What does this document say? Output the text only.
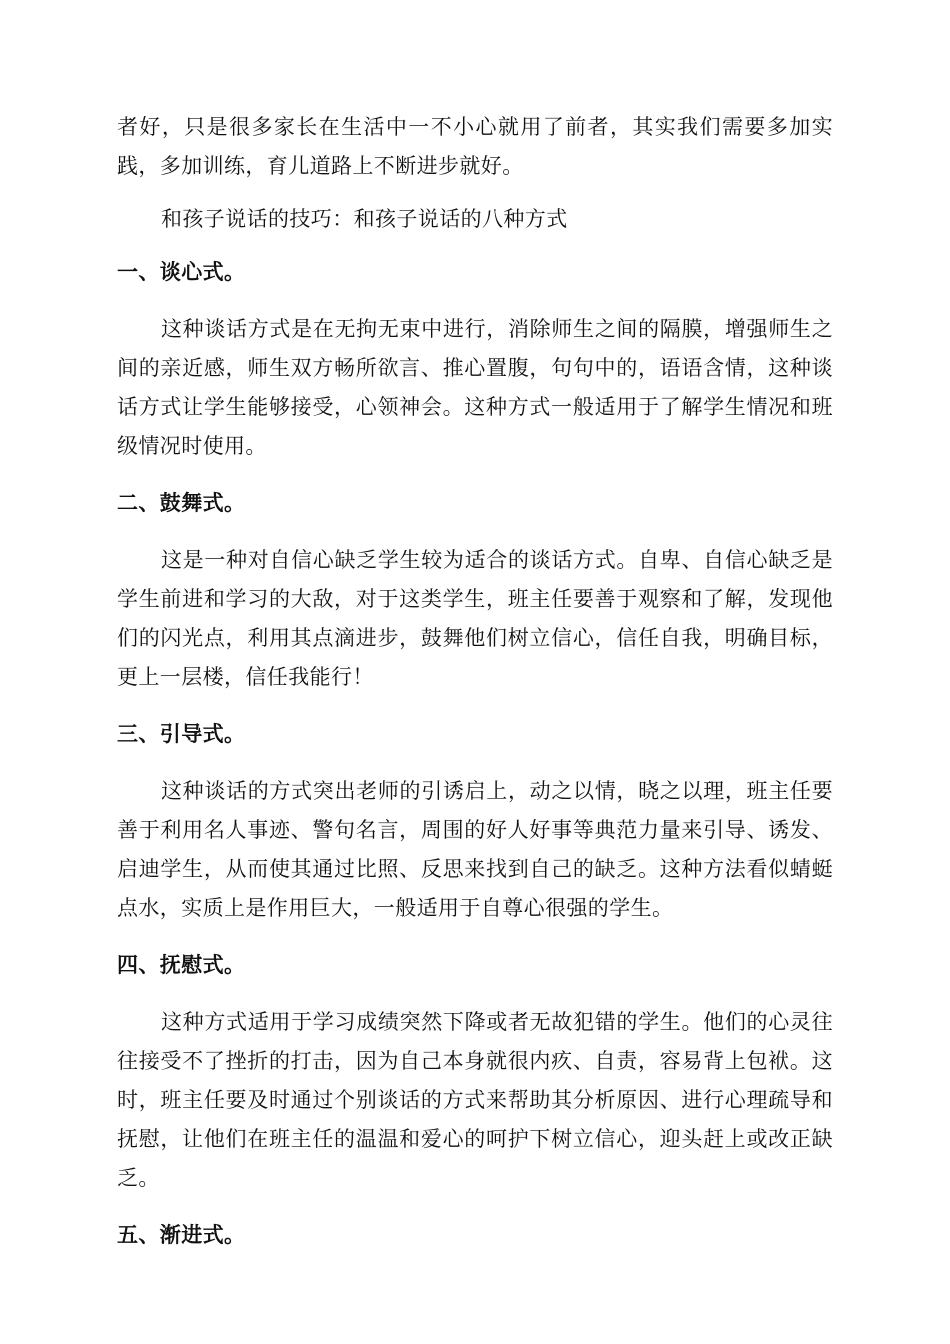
者好，只是很多家长在生活中一不小心就用了前者，其实我们需要多加实践，多加训练，育儿道路上不断进步就好。

和孩子说话的技巧：和孩子说话的八种方式

一、谈心式。

这种谈话方式是在无拘无束中进行，消除师生之间的隔膜，增强师生之间的亲近感，师生双方畅所欲言、推心置腹，句句中的，语语含情，这种谈话方式让学生能够接受，心领神会。这种方式一般适用于了解学生情况和班级情况时使用。

二、鼓舞式。

这是一种对自信心缺乏学生较为适合的谈话方式。自卑、自信心缺乏是学生前进和学习的大敌，对于这类学生，班主任要善于观察和了解，发现他们的闪光点，利用其点滴进步，鼓舞他们树立信心，信任自我，明确目标，更上一层楼，信任我能行！

三、引导式。

这种谈话的方式突出老师的引诱启上，动之以情，晓之以理，班主任要善于利用名人事迹、警句名言，周围的好人好事等典范力量来引导、诱发、启迪学生，从而使其通过比照、反思来找到自己的缺乏。这种方法看似蜻蜓点水，实质上是作用巨大，一般适用于自尊心很强的学生。

四、抚慰式。

这种方式适用于学习成绩突然下降或者无故犯错的学生。他们的心灵往往接受不了挫折的打击，因为自己本身就很内疚、自责，容易背上包袱。这时，班主任要及时通过个别谈话的方式来帮助其分析原因、进行心理疏导和抚慰，让他们在班主任的温温和爱心的呵护下树立信心，迎头赶上或改正缺乏。

五、渐进式。
